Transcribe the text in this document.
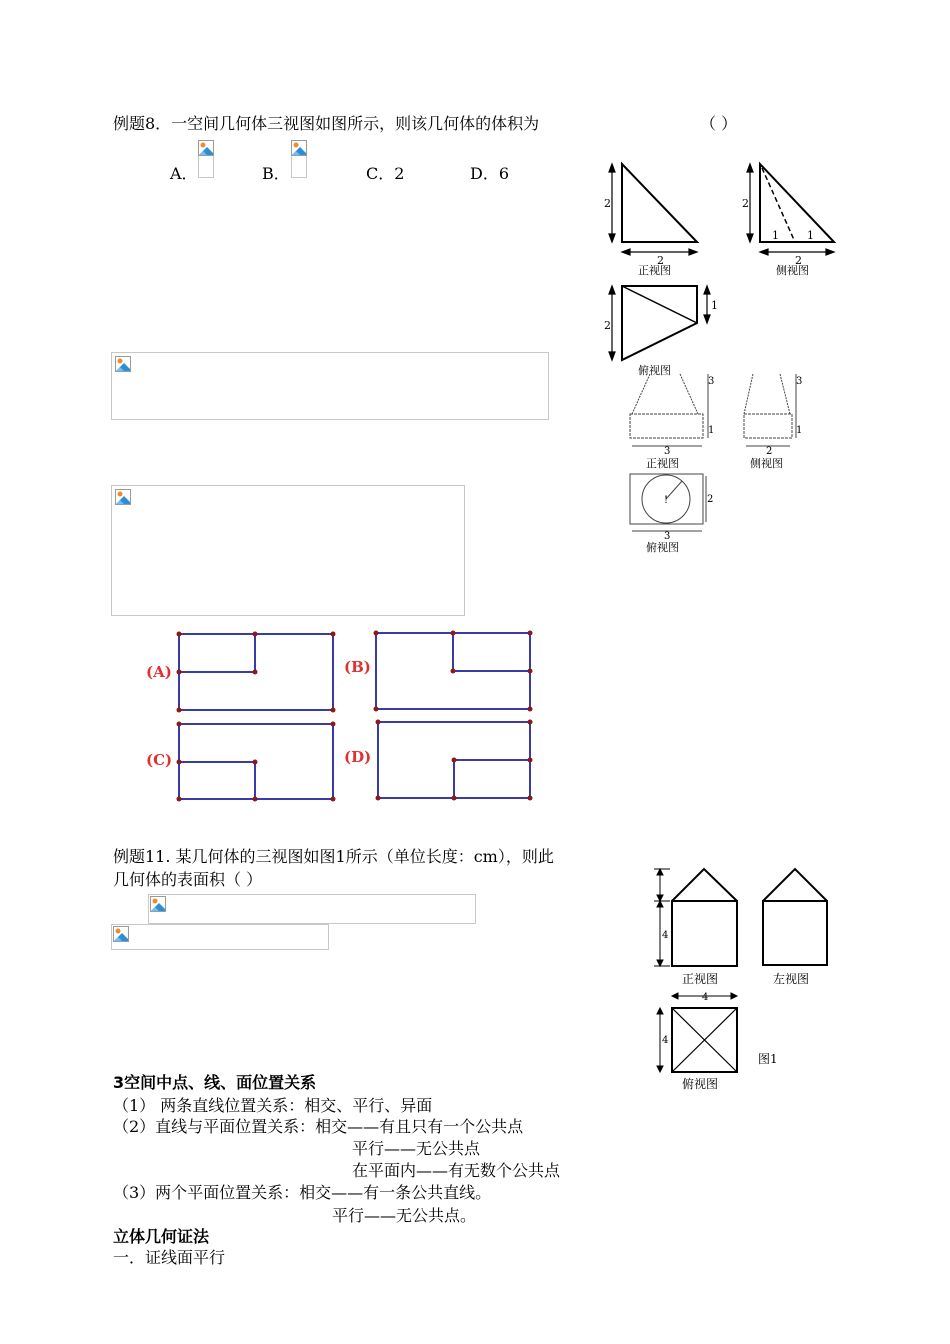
例题8．一空间几何体三视图如图所示，则该几何体的体积为	（ ）
A．	B．	C．2	D．6
2
2
2
2
1	1
2
1
正视图	侧视图
俯视图
3
1
3
1
3	2
2
3
!
正视图	侧视图
俯视图
(A)	(B)
(C)	(D)
例题11. 某几何体的三视图如图1所示（单位长度：cm），则此
几何体的表面积（ ）
4
4
4
正视图	左视图
图1
俯视图
3空间中点、线、面位置关系
（1） 两条直线位置关系：相交、平行、异面
（2）直线与平面位置关系：相交——有且只有一个公共点
平行——无公共点
在平面内——有无数个公共点
（3）两个平面位置关系：相交——有一条公共直线。
平行——无公共点。
立体几何证法
一．证线面平行
